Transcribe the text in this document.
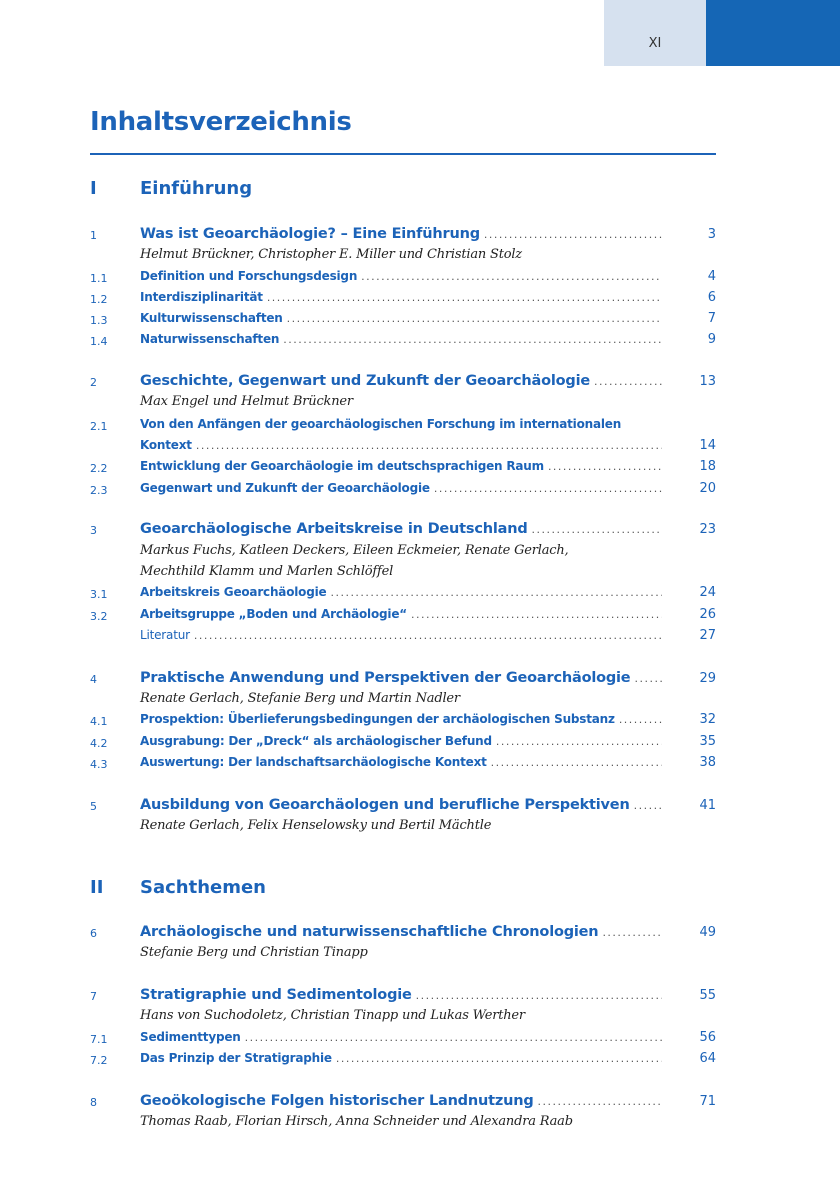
XI
Inhaltsverzeichnis
I Einführung
1	Was ist Geoarchäologie? – Eine Einführung .....	3
Helmut Brückner, Christopher E. Miller und Christian Stolz
1.1	Definition und Forschungsdesign .....	4
1.2	Interdisziplinarität .....	6
1.3	Kulturwissenschaften .....	7
1.4	Naturwissenschaften .....	9
2	Geschichte, Gegenwart und Zukunft der Geoarchäologie .....	13
Max Engel und Helmut Brückner
2.1	Von den Anfängen der geoarchäologischen Forschung im internationalen
Kontext .....	14
2.2	Entwicklung der Geoarchäologie im deutschsprachigen Raum .....	18
2.3	Gegenwart und Zukunft der Geoarchäologie .....	20
3	Geoarchäologische Arbeitskreise in Deutschland .....	23
Markus Fuchs, Katleen Deckers, Eileen Eckmeier, Renate Gerlach,
Mechthild Klamm und Marlen Schlöffel
3.1	Arbeitskreis Geoarchäologie .....	24
3.2	Arbeitsgruppe „Boden und Archäologie“ .....	26
Literatur .....	27
4	Praktische Anwendung und Perspektiven der Geoarchäologie .....	29
Renate Gerlach, Stefanie Berg und Martin Nadler
4.1	Prospektion: Überlieferungsbedingungen der archäologischen Substanz .....	32
4.2	Ausgrabung: Der „Dreck“ als archäologischer Befund .....	35
4.3	Auswertung: Der landschaftsarchäologische Kontext .....	38
5	Ausbildung von Geoarchäologen und berufliche Perspektiven .....	41
Renate Gerlach, Felix Henselowsky und Bertil Mächtle
II Sachthemen
6	Archäologische und naturwissenschaftliche Chronologien .....	49
Stefanie Berg und Christian Tinapp
7	Stratigraphie und Sedimentologie .....	55
Hans von Suchodoletz, Christian Tinapp und Lukas Werther
7.1	Sedimenttypen .....	56
7.2	Das Prinzip der Stratigraphie .....	64
8	Geoökologische Folgen historischer Landnutzung .....	71
Thomas Raab, Florian Hirsch, Anna Schneider und Alexandra Raab
